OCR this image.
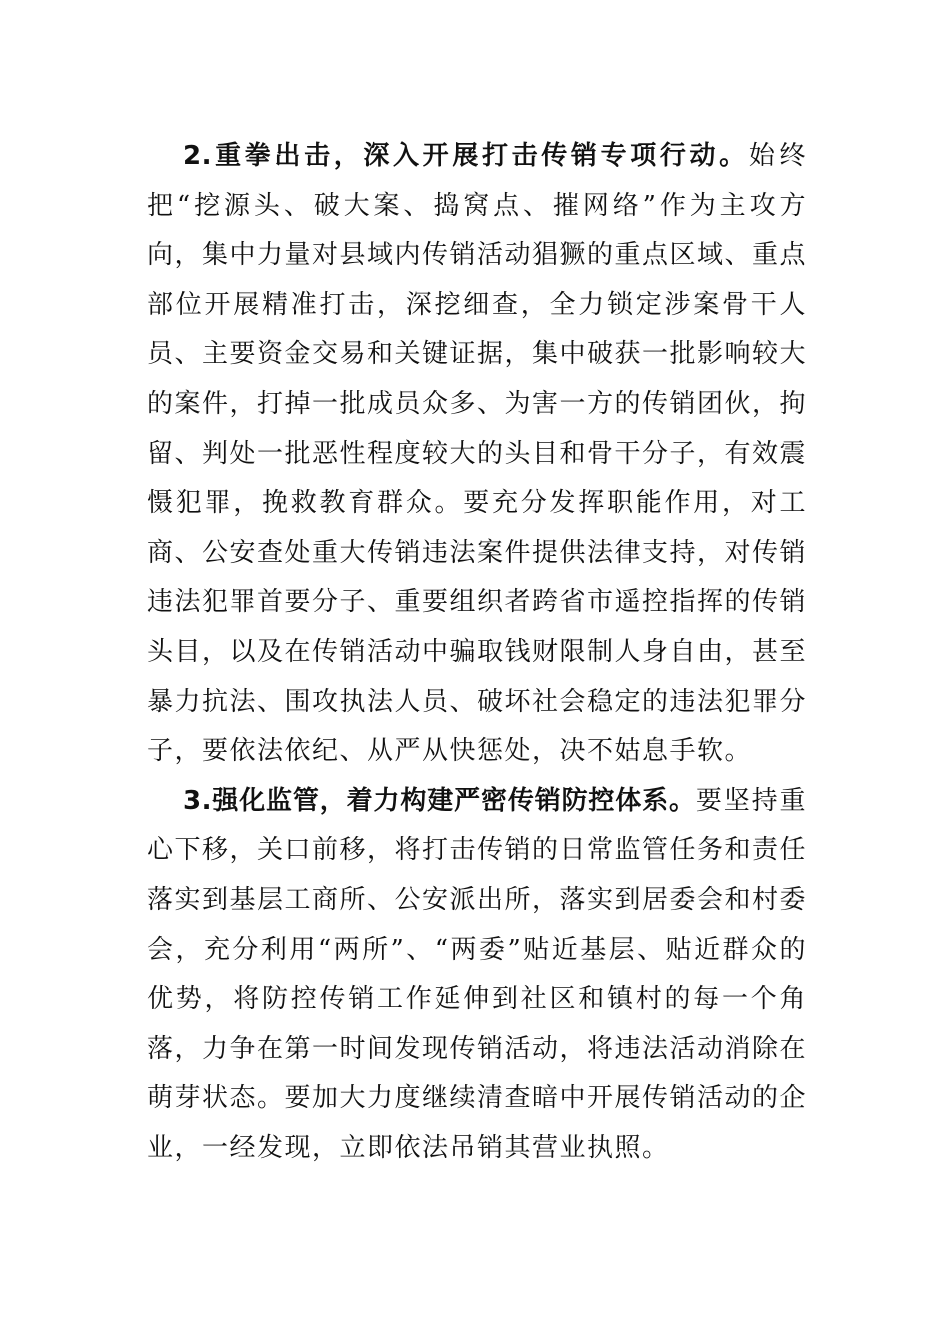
2.重拳出击，深入开展打击传销专项行动。始终把“挖源头、破大案、捣窝点、摧网络”作为主攻方向，集中力量对县域内传销活动猖獗的重点区域、重点部位开展精准打击，深挖细查，全力锁定涉案骨干人员、主要资金交易和关键证据，集中破获一批影响较大的案件，打掉一批成员众多、为害一方的传销团伙，拘留、判处一批恶性程度较大的头目和骨干分子，有效震慑犯罪，挽救教育群众。要充分发挥职能作用，对工商、公安查处重大传销违法案件提供法律支持，对传销违法犯罪首要分子、重要组织者跨省市遥控指挥的传销头目，以及在传销活动中骗取钱财限制人身自由，甚至暴力抗法、围攻执法人员、破坏社会稳定的违法犯罪分子，要依法依纪、从严从快惩处，决不姑息手软。

3.强化监管，着力构建严密传销防控体系。要坚持重心下移，关口前移，将打击传销的日常监管任务和责任落实到基层工商所、公安派出所，落实到居委会和村委会，充分利用“两所”、“两委”贴近基层、贴近群众的优势，将防控传销工作延伸到社区和镇村的每一个角落，力争在第一时间发现传销活动，将违法活动消除在萌芽状态。要加大力度继续清查暗中开展传销活动的企业，一经发现，立即依法吊销其营业执照。
